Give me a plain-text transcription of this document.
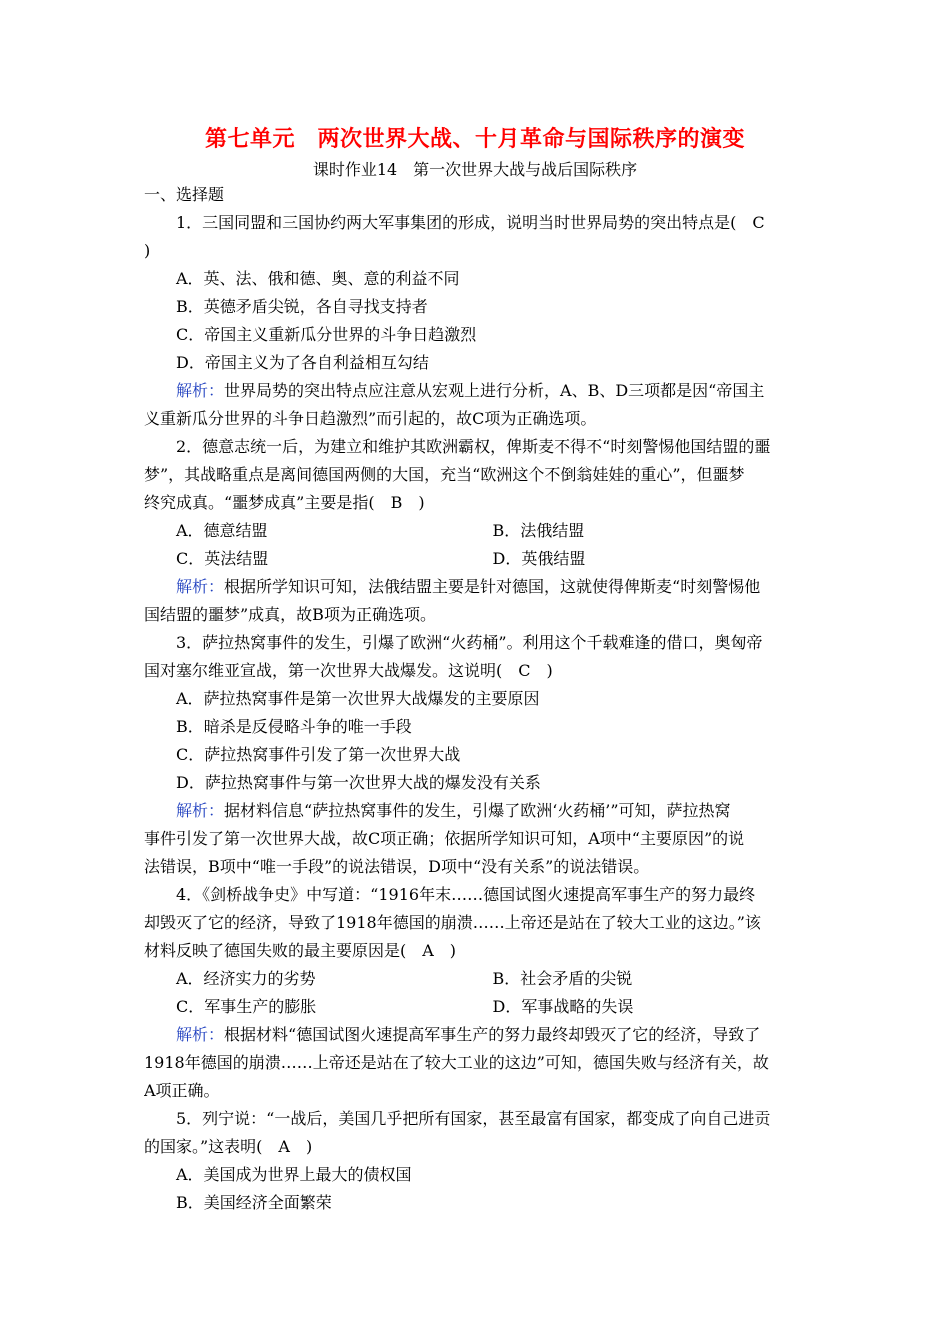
第七单元　两次世界大战、十月革命与国际秩序的演变
课时作业14　第一次世界大战与战后国际秩序
一、选择题
1．三国同盟和三国协约两大军事集团的形成，说明当时世界局势的突出特点是(　C
)
A．英、法、俄和德、奥、意的利益不同
B．英德矛盾尖锐，各自寻找支持者
C．帝国主义重新瓜分世界的斗争日趋激烈
D．帝国主义为了各自利益相互勾结
解析：世界局势的突出特点应注意从宏观上进行分析，A、B、D三项都是因“帝国主
义重新瓜分世界的斗争日趋激烈”而引起的，故C项为正确选项。
2．德意志统一后，为建立和维护其欧洲霸权，俾斯麦不得不“时刻警惕他国结盟的噩
梦”，其战略重点是离间德国两侧的大国，充当“欧洲这个不倒翁娃娃的重心”，但噩梦
终究成真。“噩梦成真”主要是指(　B　)
A．德意结盟	B．法俄结盟
C．英法结盟	D．英俄结盟
解析：根据所学知识可知，法俄结盟主要是针对德国，这就使得俾斯麦“时刻警惕他
国结盟的噩梦”成真，故B项为正确选项。
3．萨拉热窝事件的发生，引爆了欧洲“火药桶”。利用这个千载难逢的借口，奥匈帝
国对塞尔维亚宣战，第一次世界大战爆发。这说明(　C　)
A．萨拉热窝事件是第一次世界大战爆发的主要原因
B．暗杀是反侵略斗争的唯一手段
C．萨拉热窝事件引发了第一次世界大战
D．萨拉热窝事件与第一次世界大战的爆发没有关系
解析：据材料信息“萨拉热窝事件的发生，引爆了欧洲‘火药桶’”可知，萨拉热窝
事件引发了第一次世界大战，故C项正确；依据所学知识可知，A项中“主要原因”的说
法错误，B项中“唯一手段”的说法错误，D项中“没有关系”的说法错误。
4．《剑桥战争史》中写道：“1916年末……德国试图火速提高军事生产的努力最终
却毁灭了它的经济，导致了1918年德国的崩溃……上帝还是站在了较大工业的这边。”该
材料反映了德国失败的最主要原因是(　A　)
A．经济实力的劣势	B．社会矛盾的尖锐
C．军事生产的膨胀	D．军事战略的失误
解析：根据材料“德国试图火速提高军事生产的努力最终却毁灭了它的经济，导致了
1918年德国的崩溃……上帝还是站在了较大工业的这边”可知，德国失败与经济有关，故
A项正确。
5．列宁说：“一战后，美国几乎把所有国家，甚至最富有国家，都变成了向自己进贡
的国家。”这表明(　A　)
A．美国成为世界上最大的债权国
B．美国经济全面繁荣
